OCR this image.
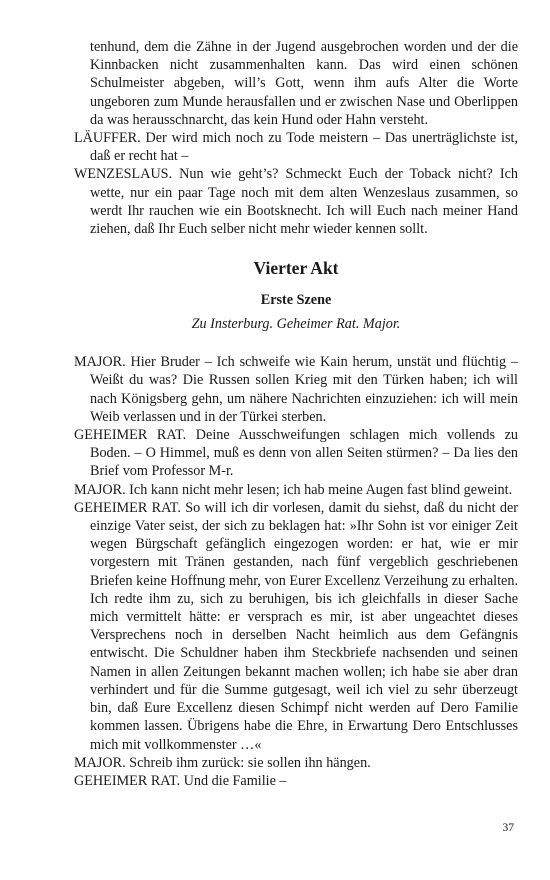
tenhund, dem die Zähne in der Jugend ausgebrochen worden und der die Kinnbacken nicht zusammenhalten kann. Das wird einen schönen Schulmeister abgeben, will’s Gott, wenn ihm aufs Alter die Worte ungeboren zum Munde herausfallen und er zwischen Nase und Oberlippen da was herausschnarcht, das kein Hund oder Hahn versteht.

LÄUFFER. Der wird mich noch zu Tode meistern – Das unerträglichste ist, daß er recht hat –

WENZESLAUS. Nun wie geht’s? Schmeckt Euch der Toback nicht? Ich wette, nur ein paar Tage noch mit dem alten Wenzeslaus zusammen, so werdt Ihr rauchen wie ein Bootsknecht. Ich will Euch nach meiner Hand ziehen, daß Ihr Euch selber nicht mehr wieder kennen sollt.

Vierter Akt
Erste Szene
Zu Insterburg. Geheimer Rat. Major.

MAJOR. Hier Bruder – Ich schweife wie Kain herum, unstät und flüchtig – Weißt du was? Die Russen sollen Krieg mit den Türken haben; ich will nach Königsberg gehn, um nähere Nachrichten einzuziehen: ich will mein Weib verlassen und in der Türkei sterben.

GEHEIMER RAT. Deine Ausschweifungen schlagen mich vollends zu Boden. – O Himmel, muß es denn von allen Seiten stürmen? – Da lies den Brief vom Professor M-r.

MAJOR. Ich kann nicht mehr lesen; ich hab meine Augen fast blind geweint.

GEHEIMER RAT. So will ich dir vorlesen, damit du siehst, daß du nicht der einzige Vater seist, der sich zu beklagen hat: »Ihr Sohn ist vor einiger Zeit wegen Bürgschaft gefänglich eingezogen worden: er hat, wie er mir vorgestern mit Tränen gestanden, nach fünf vergeblich geschriebenen Briefen keine Hoffnung mehr, von Eurer Excellenz Verzeihung zu erhalten. Ich redte ihm zu, sich zu beruhigen, bis ich gleichfalls in dieser Sache mich vermittelt hätte: er versprach es mir, ist aber ungeachtet dieses Versprechens noch in derselben Nacht heimlich aus dem Gefängnis entwischt. Die Schuldner haben ihm Steckbriefe nachsenden und seinen Namen in allen Zeitungen bekannt machen wollen; ich habe sie aber dran verhindert und für die Summe gutgesagt, weil ich viel zu sehr überzeugt bin, daß Eure Excellenz diesen Schimpf nicht werden auf Dero Familie kommen lassen. Übrigens habe die Ehre, in Erwartung Dero Entschlusses mich mit vollkommenster …«

MAJOR. Schreib ihm zurück: sie sollen ihn hängen.

GEHEIMER RAT. Und die Familie –

37
